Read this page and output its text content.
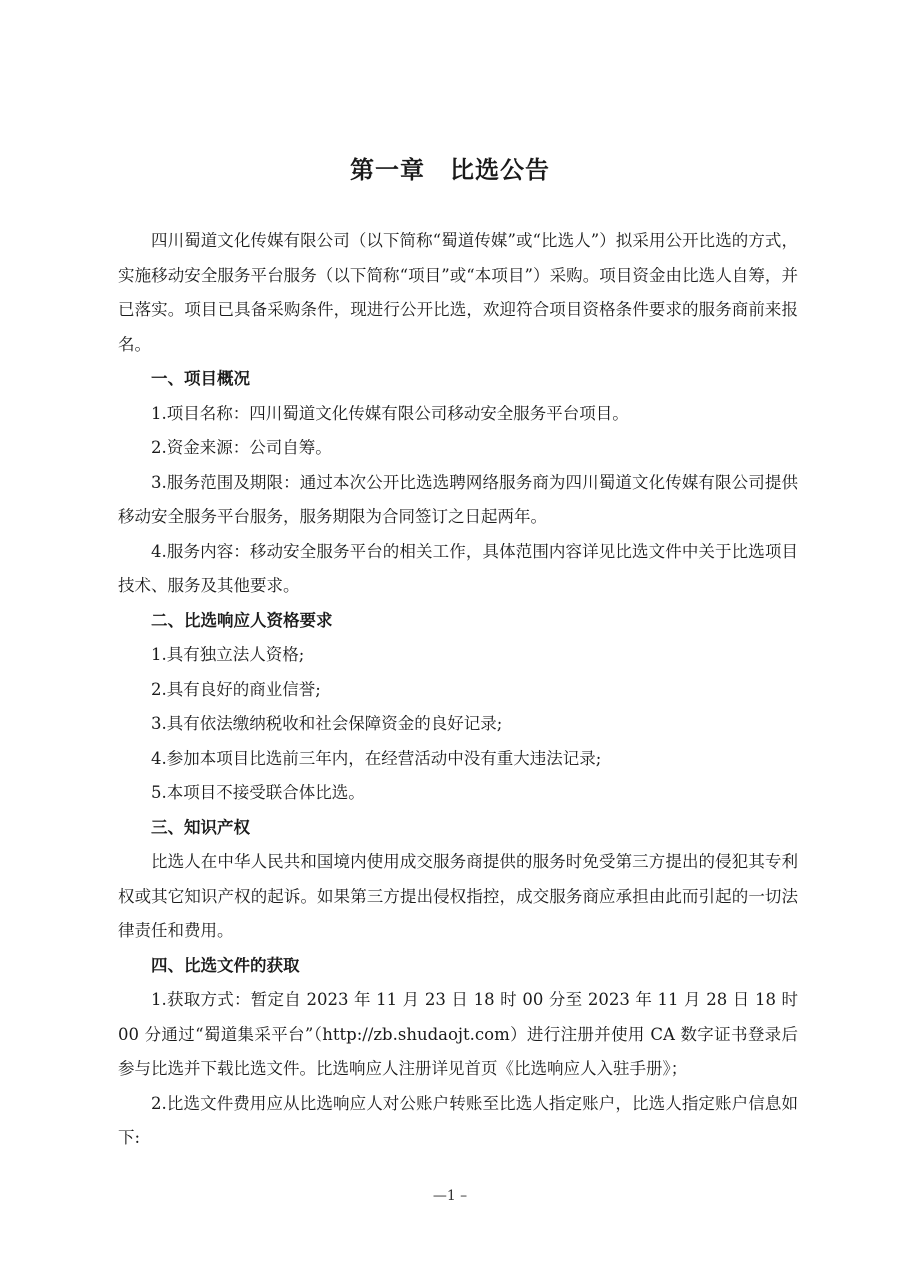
第一章　比选公告

四川蜀道文化传媒有限公司（以下简称“蜀道传媒”或“比选人”）拟采用公开比选的方式，实施移动安全服务平台服务（以下简称“项目”或“本项目”）采购。项目资金由比选人自筹，并已落实。项目已具备采购条件，现进行公开比选，欢迎符合项目资格条件要求的服务商前来报名。

一、项目概况

1.项目名称：四川蜀道文化传媒有限公司移动安全服务平台项目。

2.资金来源：公司自筹。

3.服务范围及期限：通过本次公开比选选聘网络服务商为四川蜀道文化传媒有限公司提供移动安全服务平台服务，服务期限为合同签订之日起两年。

4.服务内容：移动安全服务平台的相关工作，具体范围内容详见比选文件中关于比选项目技术、服务及其他要求。

二、比选响应人资格要求

1.具有独立法人资格;

2.具有良好的商业信誉;

3.具有依法缴纳税收和社会保障资金的良好记录;

4.参加本项目比选前三年内，在经营活动中没有重大违法记录;

5.本项目不接受联合体比选。

三、知识产权

比选人在中华人民共和国境内使用成交服务商提供的服务时免受第三方提出的侵犯其专利权或其它知识产权的起诉。如果第三方提出侵权指控，成交服务商应承担由此而引起的一切法律责任和费用。

四、比选文件的获取

1.获取方式：暂定自 2023 年 11 月 23 日 18 时 00 分至 2023 年 11 月 28 日 18 时 00 分通过“蜀道集采平台”（http://zb.shudaojt.com）进行注册并使用 CA 数字证书登录后参与比选并下载比选文件。比选响应人注册详见首页《比选响应人入驻手册》；

2.比选文件费用应从比选响应人对公账户转账至比选人指定账户，比选人指定账户信息如下:

—1 –
